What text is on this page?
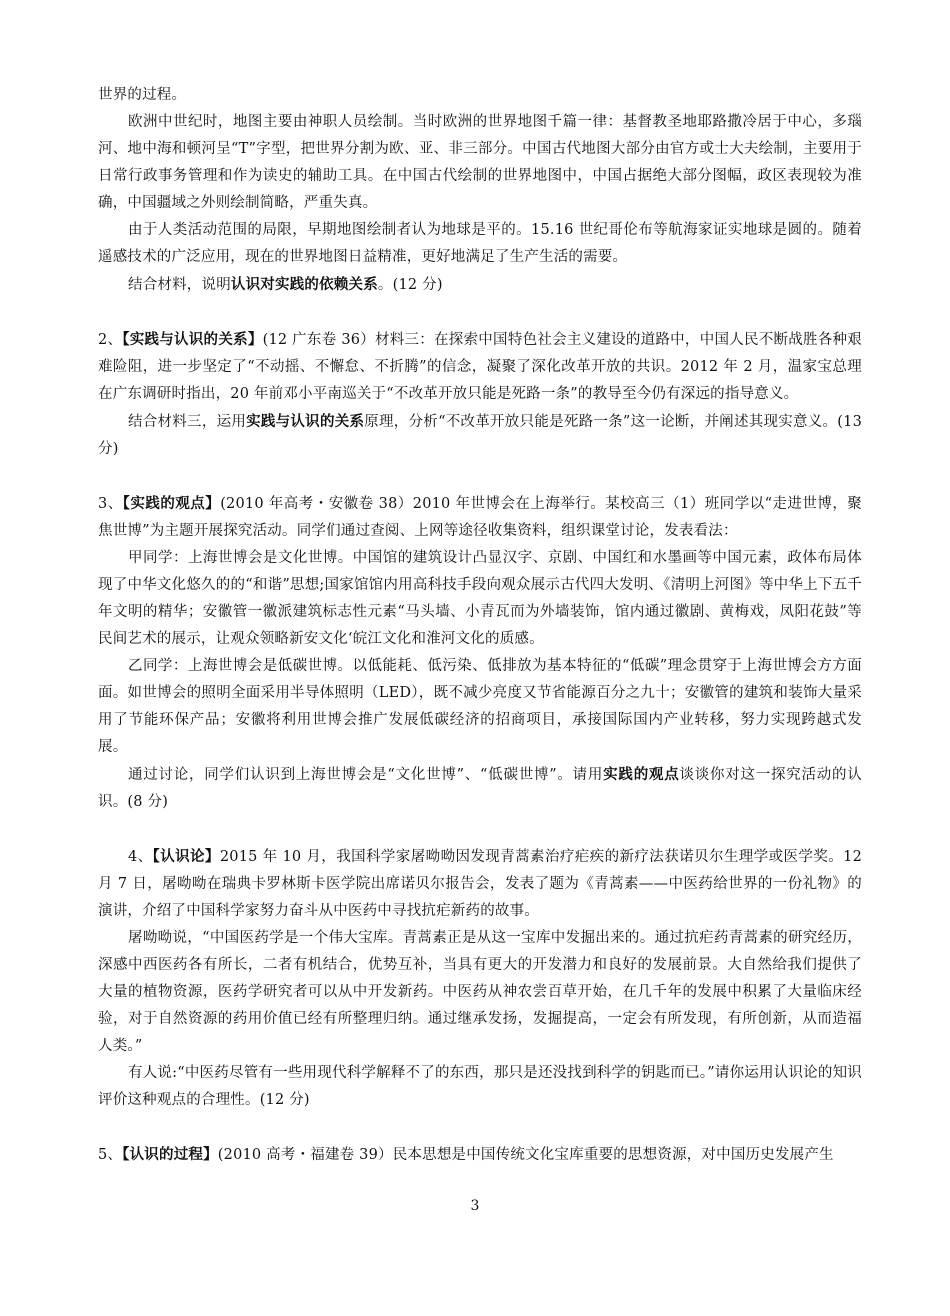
世界的过程。

欧洲中世纪时，地图主要由神职人员绘制。当时欧洲的世界地图千篇一律：基督教圣地耶路撒冷居于中心，多瑙河、地中海和顿河呈“T”字型，把世界分割为欧、亚、非三部分。中国古代地图大部分由官方或士大夫绘制，主要用于日常行政事务管理和作为读史的辅助工具。在中国古代绘制的世界地图中，中国占据绝大部分图幅，政区表现较为准确，中国疆域之外则绘制简略，严重失真。

由于人类活动范围的局限，早期地图绘制者认为地球是平的。15.16 世纪哥伦布等航海家证实地球是圆的。随着遥感技术的广泛应用，现在的世界地图日益精准，更好地满足了生产生活的需要。

结合材料，说明认识对实践的依赖关系。(12 分)

2、【实践与认识的关系】(12 广东卷 36）材料三：在探索中国特色社会主义建设的道路中，中国人民不断战胜各种艰难险阻，进一步坚定了“不动摇、不懈怠、不折腾”的信念，凝聚了深化改革开放的共识。2012 年 2 月，温家宝总理在广东调研时指出，20 年前邓小平南巡关于“不改革开放只能是死路一条”的教导至今仍有深远的指导意义。

结合材料三，运用实践与认识的关系原理，分析“不改革开放只能是死路一条”这一论断，并阐述其现实意义。(13 分)

3、【实践的观点】(2010 年高考・安徽卷 38）2010 年世博会在上海举行。某校高三（1）班同学以“走进世博，聚焦世博”为主题开展探究活动。同学们通过查阅、上网等途径收集资料，组织课堂讨论，发表看法：

甲同学：上海世博会是文化世博。中国馆的建筑设计凸显汉字、京剧、中国红和水墨画等中国元素，政体布局体现了中华文化悠久的的“和谐”思想;国家馆馆内用高科技手段向观众展示古代四大发明、《清明上河图》等中华上下五千年文明的精华；安徽管一徽派建筑标志性元素“马头墙、小青瓦而为外墙装饰，馆内通过徽剧、黄梅戏，凤阳花鼓”等民间艺术的展示，让观众领略新安文化‘皖江文化和淮河文化的质感。

乙同学：上海世博会是低碳世博。以低能耗、低污染、低排放为基本特征的“低碳”理念贯穿于上海世博会方方面面。如世博会的照明全面采用半导体照明（LED），既不减少亮度又节省能源百分之九十；安徽管的建筑和装饰大量采用了节能环保产品；安徽将利用世博会推广发展低碳经济的招商项目，承接国际国内产业转移，努力实现跨越式发展。

通过讨论，同学们认识到上海世博会是“文化世博”、“低碳世博”。请用实践的观点谈谈你对这一探究活动的认识。(8 分)

4、【认识论】2015 年 10 月，我国科学家屠呦呦因发现青蒿素治疗疟疾的新疗法获诺贝尔生理学或医学奖。12 月 7 日，屠呦呦在瑞典卡罗林斯卡医学院出席诺贝尔报告会，发表了题为《青蒿素——中医药给世界的一份礼物》的演讲，介绍了中国科学家努力奋斗从中医药中寻找抗疟新药的故事。

屠呦呦说，“中国医药学是一个伟大宝库。青蒿素正是从这一宝库中发掘出来的。通过抗疟药青蒿素的研究经历，深感中西医药各有所长，二者有机结合，优势互补，当具有更大的开发潜力和良好的发展前景。大自然给我们提供了大量的植物资源，医药学研究者可以从中开发新药。中医药从神农尝百草开始，在几千年的发展中积累了大量临床经验，对于自然资源的药用价值已经有所整理归纳。通过继承发扬，发掘提高，一定会有所发现，有所创新，从而造福人类。”

有人说:“中医药尽管有一些用现代科学解释不了的东西，那只是还没找到科学的钥匙而已。”请你运用认识论的知识评价这种观点的合理性。(12 分)

5、【认识的过程】(2010 高考・福建卷 39）民本思想是中国传统文化宝库重要的思想资源，对中国历史发展产生

3
